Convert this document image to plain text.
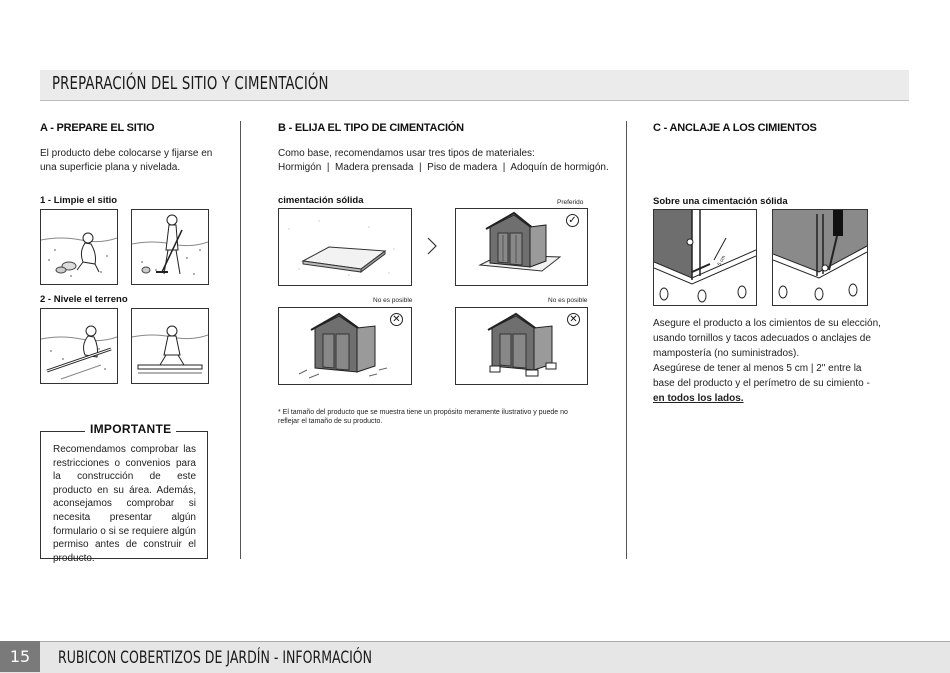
PREPARACIÓN DEL SITIO Y CIMENTACIÓN
A - PREPARE EL SITIO
El producto debe colocarse y fijarse en
una superficie plana y nivelada.
1 - Limpie el sitio
2 - Nivele el terreno
IMPORTANTE
Recomendamos comprobar las restricciones o convenios para la construcción de este producto en su área. Además, aconsejamos comprobar si necesita presentar algún formulario o si se requiere algún permiso antes de construir el producto.
B - ELIJA EL TIPO DE CIMENTACIÓN
Como base, recomendamos usar tres tipos de materiales:
Hormigón  |  Madera prensada  |  Piso de madera  |  Adoquín de hormigón.
cimentación sólida	Preferido
✓
No es posible	No es posible
✕	✕
* El tamaño del producto que se muestra tiene un propósito meramente ilustrativo y puede no
reflejar el tamaño de su producto.
C - ANCLAJE A LOS CIMIENTOS
Sobre una cimentación sólida
5 cm
Asegure el producto a los cimientos de su elección, usando tornillos y tacos adecuados o anclajes de mampostería (no suministrados).
Asegúrese de tener al menos 5 cm | 2" entre la base del producto y el perímetro de su cimiento - en todos los lados.
15	RUBICON COBERTIZOS DE JARDÍN - INFORMACIÓN
